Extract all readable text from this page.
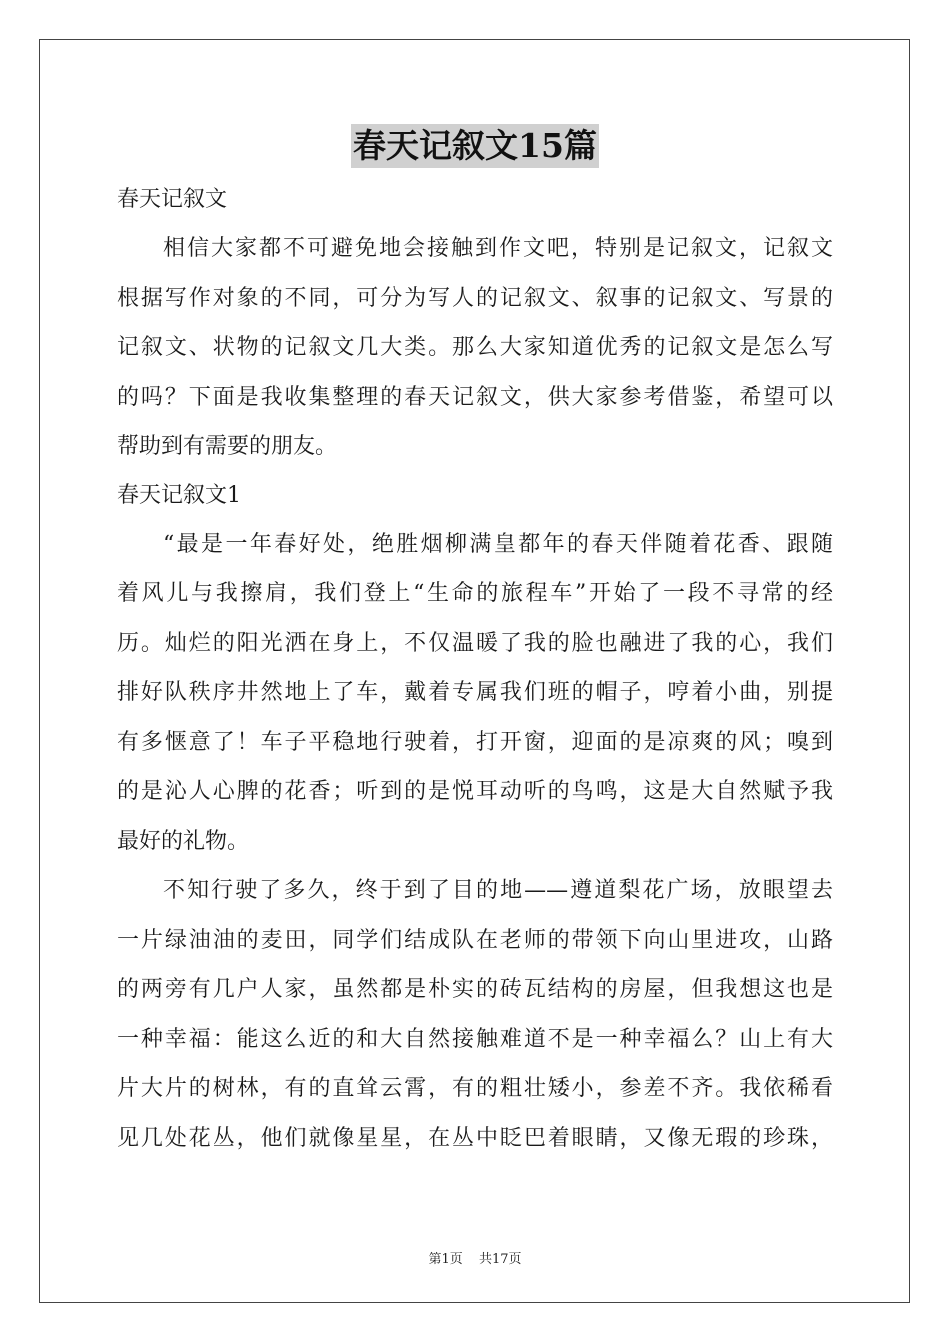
春天记叙文15篇
春天记叙文
相信大家都不可避免地会接触到作文吧，特别是记叙文，记叙文
根据写作对象的不同，可分为写人的记叙文、叙事的记叙文、写景的
记叙文、状物的记叙文几大类。那么大家知道优秀的记叙文是怎么写
的吗？下面是我收集整理的春天记叙文，供大家参考借鉴，希望可以
帮助到有需要的朋友。
春天记叙文1
“最是一年春好处，绝胜烟柳满皇都年的春天伴随着花香、跟随
着风儿与我擦肩，我们登上“生命的旅程车”开始了一段不寻常的经
历。灿烂的阳光洒在身上，不仅温暖了我的脸也融进了我的心，我们
排好队秩序井然地上了车，戴着专属我们班的帽子，哼着小曲，别提
有多惬意了！车子平稳地行驶着，打开窗，迎面的是凉爽的风；嗅到
的是沁人心脾的花香；听到的是悦耳动听的鸟鸣，这是大自然赋予我
最好的礼物。
不知行驶了多久，终于到了目的地——遵道梨花广场，放眼望去
一片绿油油的麦田，同学们结成队在老师的带领下向山里进攻，山路
的两旁有几户人家，虽然都是朴实的砖瓦结构的房屋，但我想这也是
一种幸福：能这么近的和大自然接触难道不是一种幸福么？山上有大
片大片的树林，有的直耸云霄，有的粗壮矮小，参差不齐。我依稀看
见几处花丛，他们就像星星，在丛中眨巴着眼睛，又像无瑕的珍珠，
第1页 共17页
